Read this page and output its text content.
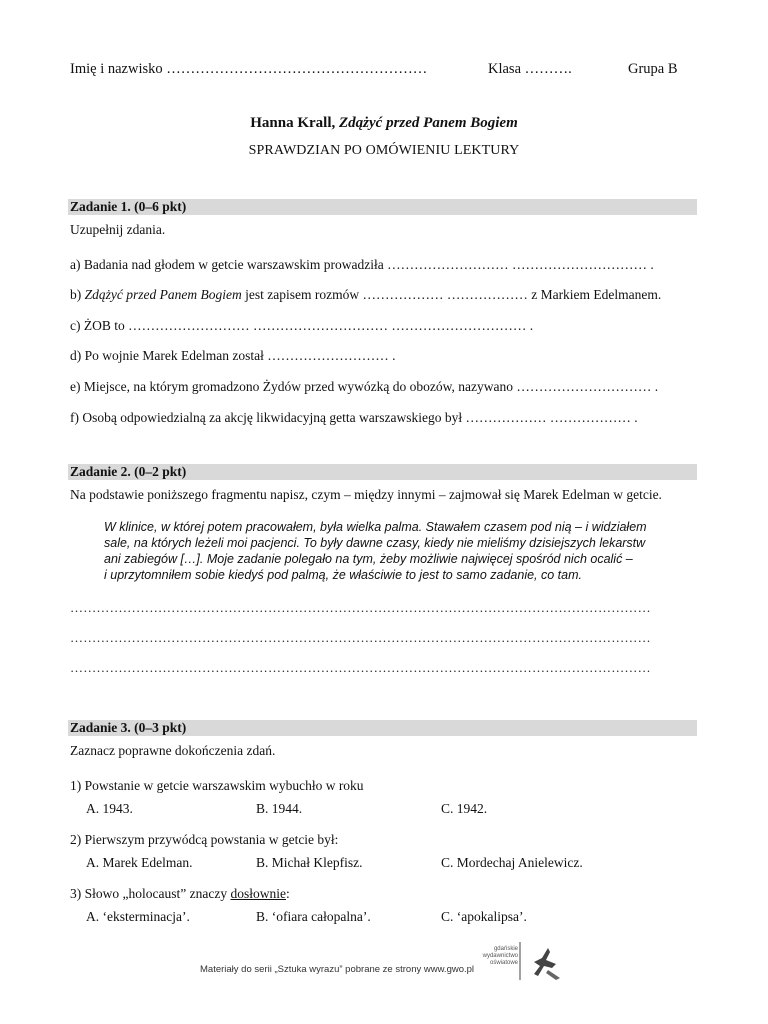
Imię i nazwisko ………………………………………………	Klasa ……….	Grupa B
Hanna Krall, Zdążyć przed Panem Bogiem
SPRAWDZIAN PO OMÓWIENIU LEKTURY
Zadanie 1. (0–6 pkt)
Uzupełnij zdania.
a) Badania nad głodem w getcie warszawskim prowadziła ……………………… ………………………… .
b) Zdążyć przed Panem Bogiem jest zapisem rozmów ……………… ……………… z Markiem Edelmanem.
c) ŻOB to ……………………… ………………………… ………………………… .
d) Po wojnie Marek Edelman został ……………………… .
e) Miejsce, na którym gromadzono Żydów przed wywózką do obozów, nazywano ………………………… .
f) Osobą odpowiedzialną za akcję likwidacyjną getta warszawskiego był ……………… ……………… .
Zadanie 2. (0–2 pkt)
Na podstawie poniższego fragmentu napisz, czym – między innymi – zajmował się Marek Edelman w getcie.
W klinice, w której potem pracowałem, była wielka palma. Stawałem czasem pod nią – i widziałem
sale, na których leżeli moi pacjenci. To były dawne czasy, kiedy nie mieliśmy dzisiejszych lekarstw
ani zabiegów […]. Moje zadanie polegało na tym, żeby możliwie najwięcej spośród nich ocalić –
i uprzytomniłem sobie kiedyś pod palmą, że właściwie to jest to samo zadanie, co tam.
……………………………………………………………………………………………………………………
……………………………………………………………………………………………………………………
……………………………………………………………………………………………………………………
Zadanie 3. (0–3 pkt)
Zaznacz poprawne dokończenia zdań.
1) Powstanie w getcie warszawskim wybuchło w roku
A. 1943.	B. 1944.	C. 1942.
2) Pierwszym przywódcą powstania w getcie był:
A. Marek Edelman.	B. Michał Klepfisz.	C. Mordechaj Anielewicz.
3) Słowo „holocaust” znaczy dosłownie:
A. ‘eksterminacja’.	B. ‘ofiara całopalna’.	C. ‘apokalipsa’.
Materiały do serii „Sztuka wyrazu” pobrane ze strony www.gwo.pl
gdańskie
wydawnictwo
oświatowe
